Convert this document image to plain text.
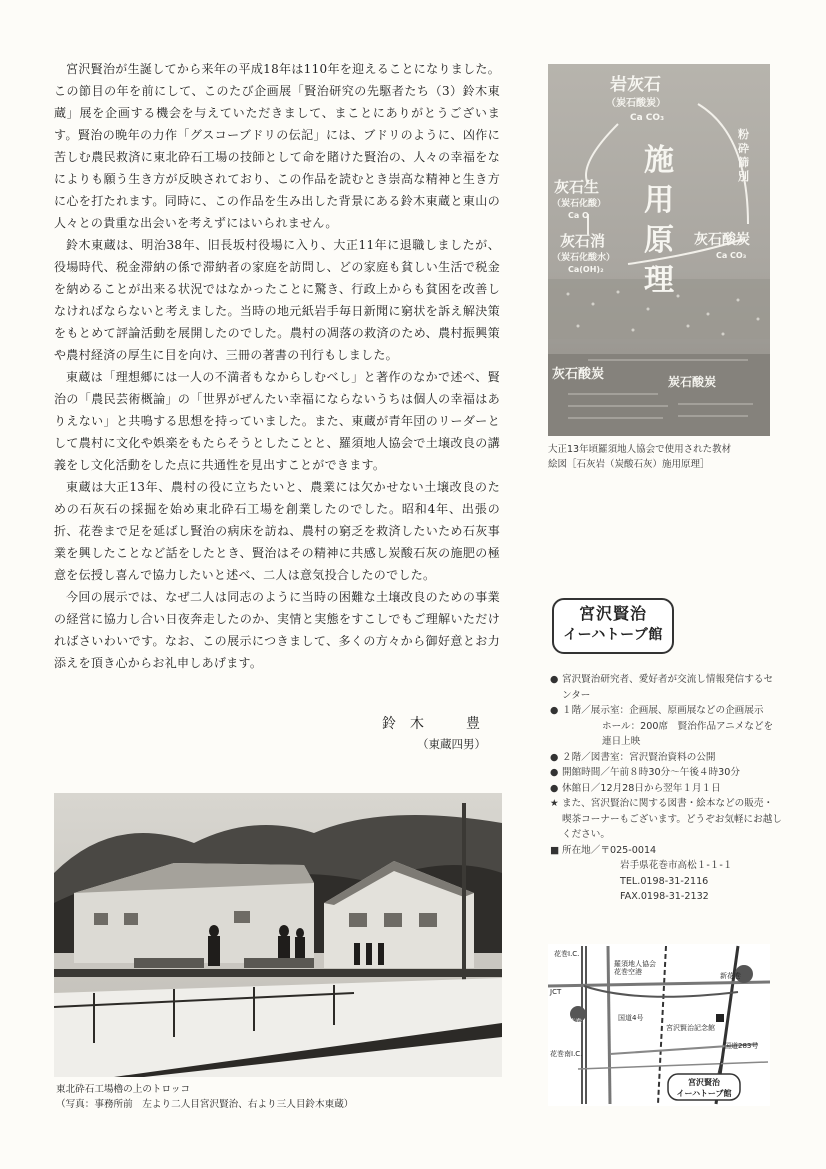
宮沢賢治が生誕してから来年の平成18年は110年を迎えることになりました。この節目の年を前にして、このたび企画展「賢治研究の先駆者たち（3）鈴木東蔵」展を企画する機会を与えていただきまして、まことにありがとうございます。賢治の晩年の力作「グスコーブドリの伝記」には、ブドリのように、凶作に苦しむ農民救済に東北砕石工場の技師として命を賭けた賢治の、人々の幸福をなによりも願う生き方が反映されており、この作品を読むとき崇高な精神と生き方に心を打たれます。同時に、この作品を生み出した背景にある鈴木東蔵と東山の人々との貴重な出会いを考えずにはいられません。

鈴木東蔵は、明治38年、旧長坂村役場に入り、大正11年に退職しましたが、役場時代、税金滞納の係で滞納者の家庭を訪問し、どの家庭も貧しい生活で税金を納めることが出来る状況ではなかったことに驚き、行政上からも貧困を改善しなければならないと考えました。当時の地元紙岩手毎日新聞に窮状を訴え解決策をもとめて評論活動を展開したのでした。農村の凋落の救済のため、農村振興策や農村経済の厚生に目を向け、三冊の著書の刊行もしました。

東蔵は「理想郷には一人の不満者もなからしむべし」と著作のなかで述べ、賢治の「農民芸術概論」の「世界がぜんたい幸福にならないうちは個人の幸福はありえない」と共鳴する思想を持っていました。また、東蔵が青年団のリーダーとして農村に文化や娯楽をもたらそうとしたことと、羅須地人協会で土壌改良の講義をし文化活動をした点に共通性を見出すことができます。

東蔵は大正13年、農村の役に立ちたいと、農業には欠かせない土壌改良のための石灰石の採掘を始め東北砕石工場を創業したのでした。昭和4年、出張の折、花巻まで足を延ばし賢治の病床を訪ね、農村の窮乏を救済したいため石灰事業を興したことなど話をしたとき、賢治はその精神に共感し炭酸石灰の施肥の極意を伝授し喜んで協力したいと述べ、二人は意気投合したのでした。

今回の展示では、なぜ二人は同志のように当時の困難な土壌改良のための事業の経営に協力し合い日夜奔走したのか、実情と実態をすこしでもご理解いただければさいわいです。なお、この展示につきまして、多くの方々から御好意とお力添えを頂き心からお礼申しあげます。

鈴木　豊
（東蔵四男）
岩灰石
（炭石酸炭）
Ca CO₃
灰石生
（炭石化酸）
Ca O
灰石消
（炭石化酸水）
Ca(OH)₂
灰石酸炭
Ca CO₃
灰石酸炭	炭石酸炭
施
用
原
理
粉
砕
篩
別
大正13年頃羅須地人協会で使用された教材
絵図［石灰岩（炭酸石灰）施用原理］
宮沢賢治
イーハトーブ館
● 宮沢賢治研究者、愛好者が交流し情報発信するセンター
● １階／展示室：企画展、原画展などの企画展示
ホール：200席　賢治作品アニメなどを連日上映
● ２階／図書室：宮沢賢治資料の公開
● 開館時間／午前８時30分〜午後４時30分
● 休館日／12月28日から翌年１月１日
★ また、宮沢賢治に関する図書・絵本などの販売・喫茶コーナーもございます。どうぞお気軽にお越しください。
■ 所在地／〒025-0014
岩手県花巻市高松１-１-１
TEL.0198-31-2116
FAX.0198-31-2132
花巻I.C.
羅須地人協会
花巻空港
JCT
宮沢賢治記念館
花巻南I.C.
新花巻
国道283号
国道4号
花巻
宮沢賢治
イーハトーブ館
東北砕石工場櫓の上のトロッコ
（写真：事務所前　左より二人目宮沢賢治、右より三人目鈴木東蔵）
